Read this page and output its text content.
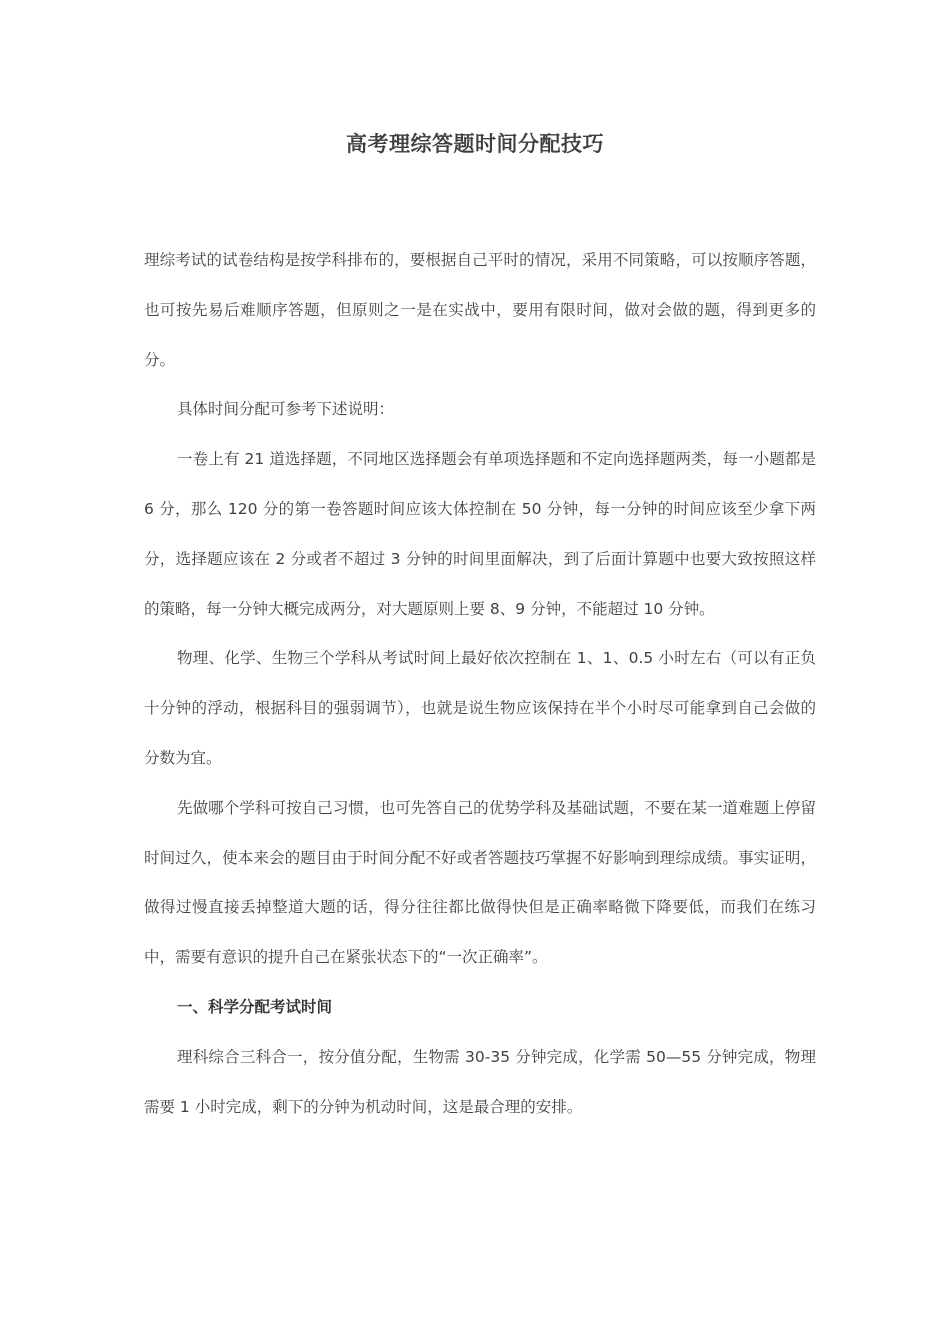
高考理综答题时间分配技巧

理综考试的试卷结构是按学科排布的，要根据自己平时的情况，采用不同策略，可以按顺序答题，也可按先易后难顺序答题，但原则之一是在实战中，要用有限时间，做对会做的题，得到更多的分。

具体时间分配可参考下述说明：

一卷上有 21 道选择题，不同地区选择题会有单项选择题和不定向选择题两类，每一小题都是 6 分，那么 120 分的第一卷答题时间应该大体控制在 50 分钟，每一分钟的时间应该至少拿下两分，选择题应该在 2 分或者不超过 3 分钟的时间里面解决，到了后面计算题中也要大致按照这样的策略，每一分钟大概完成两分，对大题原则上要 8、9 分钟，不能超过 10 分钟。

物理、化学、生物三个学科从考试时间上最好依次控制在 1、1、0.5 小时左右（可以有正负十分钟的浮动，根据科目的强弱调节），也就是说生物应该保持在半个小时尽可能拿到自己会做的分数为宜。

先做哪个学科可按自己习惯，也可先答自己的优势学科及基础试题，不要在某一道难题上停留时间过久，使本来会的题目由于时间分配不好或者答题技巧掌握不好影响到理综成绩。事实证明，做得过慢直接丢掉整道大题的话，得分往往都比做得快但是正确率略微下降要低，而我们在练习中，需要有意识的提升自己在紧张状态下的“一次正确率”。

一、科学分配考试时间

理科综合三科合一，按分值分配，生物需 30-35 分钟完成，化学需 50—55 分钟完成，物理需要 1 小时完成，剩下的分钟为机动时间，这是最合理的安排。
